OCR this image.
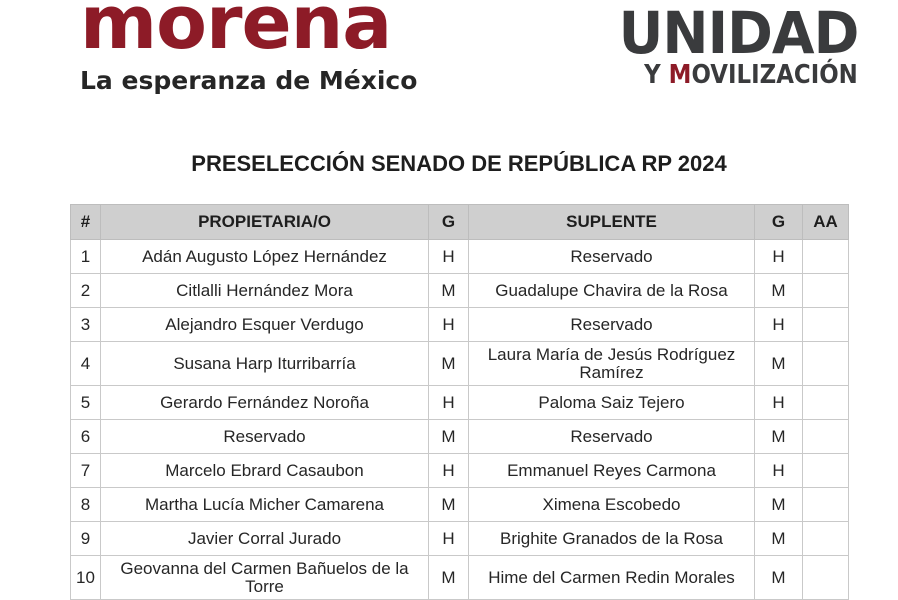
morena
La esperanza de México
UNIDAD
Y MOVILIZACIÓN
PRESELECCIÓN SENADO DE REPÚBLICA RP 2024
#	PROPIETARIA/O	G	SUPLENTE	G	AA
1	Adán Augusto López Hernández	H	Reservado	H	
2	Citlalli Hernández Mora	M	Guadalupe Chavira de la Rosa	M	
3	Alejandro Esquer Verdugo	H	Reservado	H	
4	Susana Harp Iturribarría	M	Laura María de Jesús Rodríguez Ramírez	M	
5	Gerardo Fernández Noroña	H	Paloma Saiz Tejero	H	
6	Reservado	M	Reservado	M	
7	Marcelo Ebrard Casaubon	H	Emmanuel Reyes Carmona	H	
8	Martha Lucía Micher Camarena	M	Ximena Escobedo	M	
9	Javier Corral Jurado	H	Brighite Granados de la Rosa	M	
10	Geovanna del Carmen Bañuelos de la Torre	M	Hime del Carmen Redin Morales	M	
